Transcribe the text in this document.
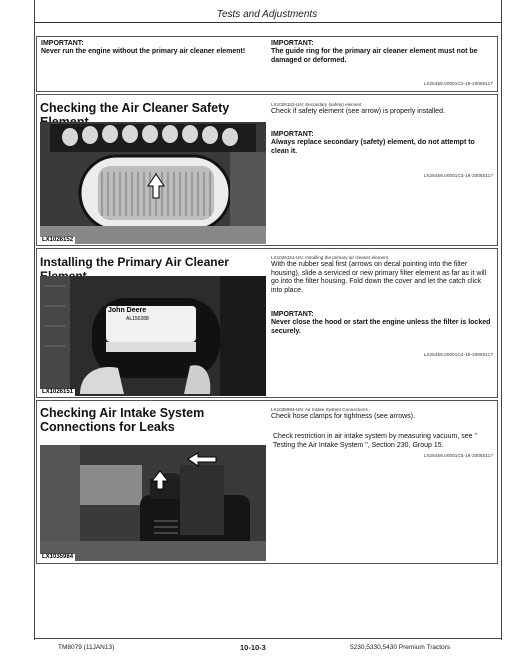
Tests and Adjustments
IMPORTANT:
Never run the engine without the primary air cleaner element!
IMPORTANT:
The guide ring for the primary air cleaner element must not be damaged or deformed.
LX25458,00001C2-19-20080117
Checking the Air Cleaner Safety	LX1026152-UN: Secondary (safety) element
Check if safety element (see arrow) is properly installed.
IMPORTANT:
Always replace secondary (safety) element, do not attempt to clean it.
LX25458,00001C3-19-20080117
LX1026152
Installing the Primary Air Cleaner	LX1026151-UN: Installing the primary air cleaner element
With the rubber seal first (arrows on decal pointing into the filter housing), slide a serviced or new primary filter element as far as it will go into the filter housing. Fold down the cover and let the catch click into place.
IMPORTANT:
Never close the hood or start the engine unless the filter is locked securely.
LX25458,00001C4-19-20080117
John Deere
AL150288
LX1026151
Checking Air Intake System Connections for Leaks
LX1035984-UN: Air Intake System Connections
Check hose clamps for tightness (see arrows).
Check restriction in air intake system by measuring vacuum, see " Testing the Air Intake System ", Section 230, Group 15.
LX25458,00001C5-19-20080117
LX1035984
TM8079 (11JAN13)	10-10-3	5230,5330,5430 Premium Tractors
